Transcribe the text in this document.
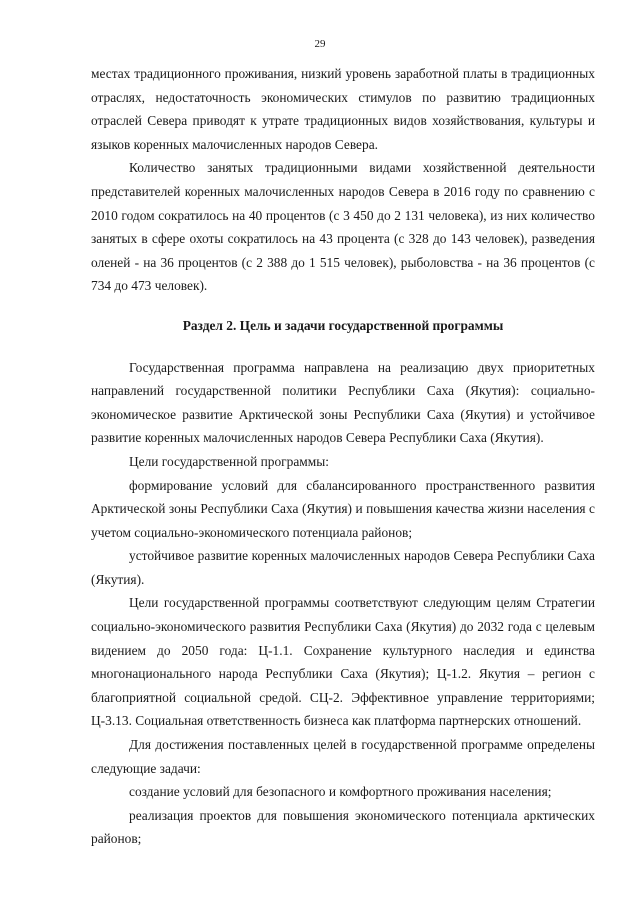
29

местах традиционного проживания, низкий уровень заработной платы в традиционных отраслях, недостаточность экономических стимулов по развитию традиционных отраслей Севера приводят к утрате традиционных видов хозяйствования, культуры и языков коренных малочисленных народов Севера.

Количество занятых традиционными видами хозяйственной деятельности представителей коренных малочисленных народов Севера в 2016 году по сравнению с 2010 годом сократилось на 40 процентов (с 3 450 до 2 131 человека), из них количество занятых в сфере охоты сократилось на 43 процента (с 328 до 143 человек), разведения оленей - на 36 процентов (с 2 388 до 1 515 человек), рыболовства - на 36 процентов (с 734 до 473 человек).

Раздел 2. Цель и задачи государственной программы

Государственная программа направлена на реализацию двух приоритетных направлений государственной политики Республики Саха (Якутия): социально-экономическое развитие Арктической зоны Республики Саха (Якутия) и устойчивое развитие коренных малочисленных народов Севера Республики Саха (Якутия).

Цели государственной программы:

формирование условий для сбалансированного пространственного развития Арктической зоны Республики Саха (Якутия) и повышения качества жизни населения с учетом социально-экономического потенциала районов;

устойчивое развитие коренных малочисленных народов Севера Республики Саха (Якутия).

Цели государственной программы соответствуют следующим целям Стратегии социально-экономического развития Республики Саха (Якутия) до 2032 года с целевым видением до 2050 года: Ц-1.1. Сохранение культурного наследия и единства многонационального народа Республики Саха (Якутия); Ц-1.2. Якутия – регион с благоприятной социальной средой. СЦ-2. Эффективное управление территориями; Ц-3.13. Социальная ответственность бизнеса как платформа партнерских отношений.

Для достижения поставленных целей в государственной программе определены следующие задачи:

создание условий для безопасного и комфортного проживания населения;

реализация проектов для повышения экономического потенциала арктических районов;
